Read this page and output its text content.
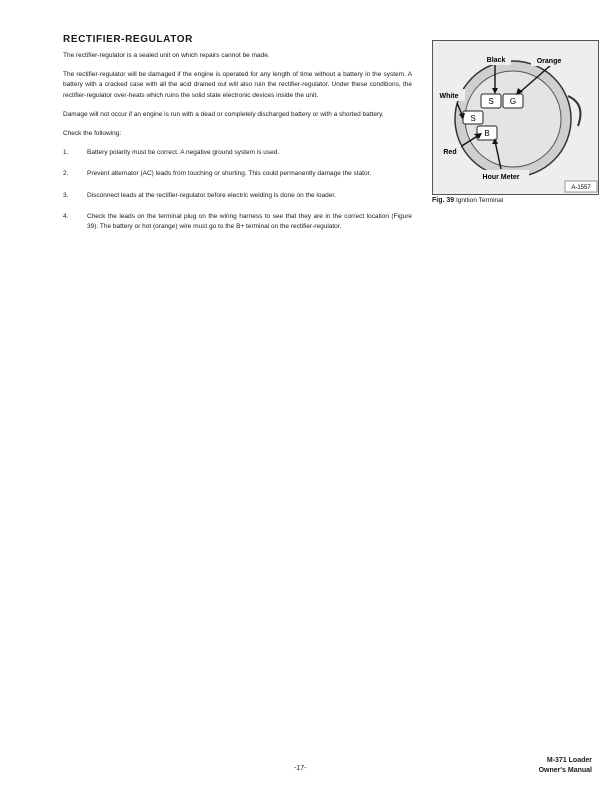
RECTIFIER-REGULATOR

The rectifier-regulator is a sealed unit on which repairs cannot be made.

The rectifier-regulator will be damaged if the engine is operated for any length of time without a battery in the system. A battery with a cracked case with all the acid drained out will also ruin the rectifier-regulator. Under these conditions, the rectifier-regulator over-heats which ruins the solid state electronic devices inside the unit.

Damage will not occur if an engine is run with a dead or completely discharged battery or with a shorted battery.

Check the following:

1.	Battery polarity must be correct. A negative ground system is used.
2.	Prevent alternator (AC) leads from touching or shorting. This could permanently damage the stator.
3.	Disconnect leads at the rectifier-regulator before electric welding is done on the loader.
4.	Check the leads on the terminal plug on the wiring harness to see that they are in the correct location (Figure 39). The battery or hot (orange) wire must go to the B+ terminal on the rectifier-regulator.
S G
S
B
Black	Orange
White
Red
Hour Meter
A-1557
Fig. 39 Ignition Terminal
-17-
M-371 Loader
Owner's Manual
